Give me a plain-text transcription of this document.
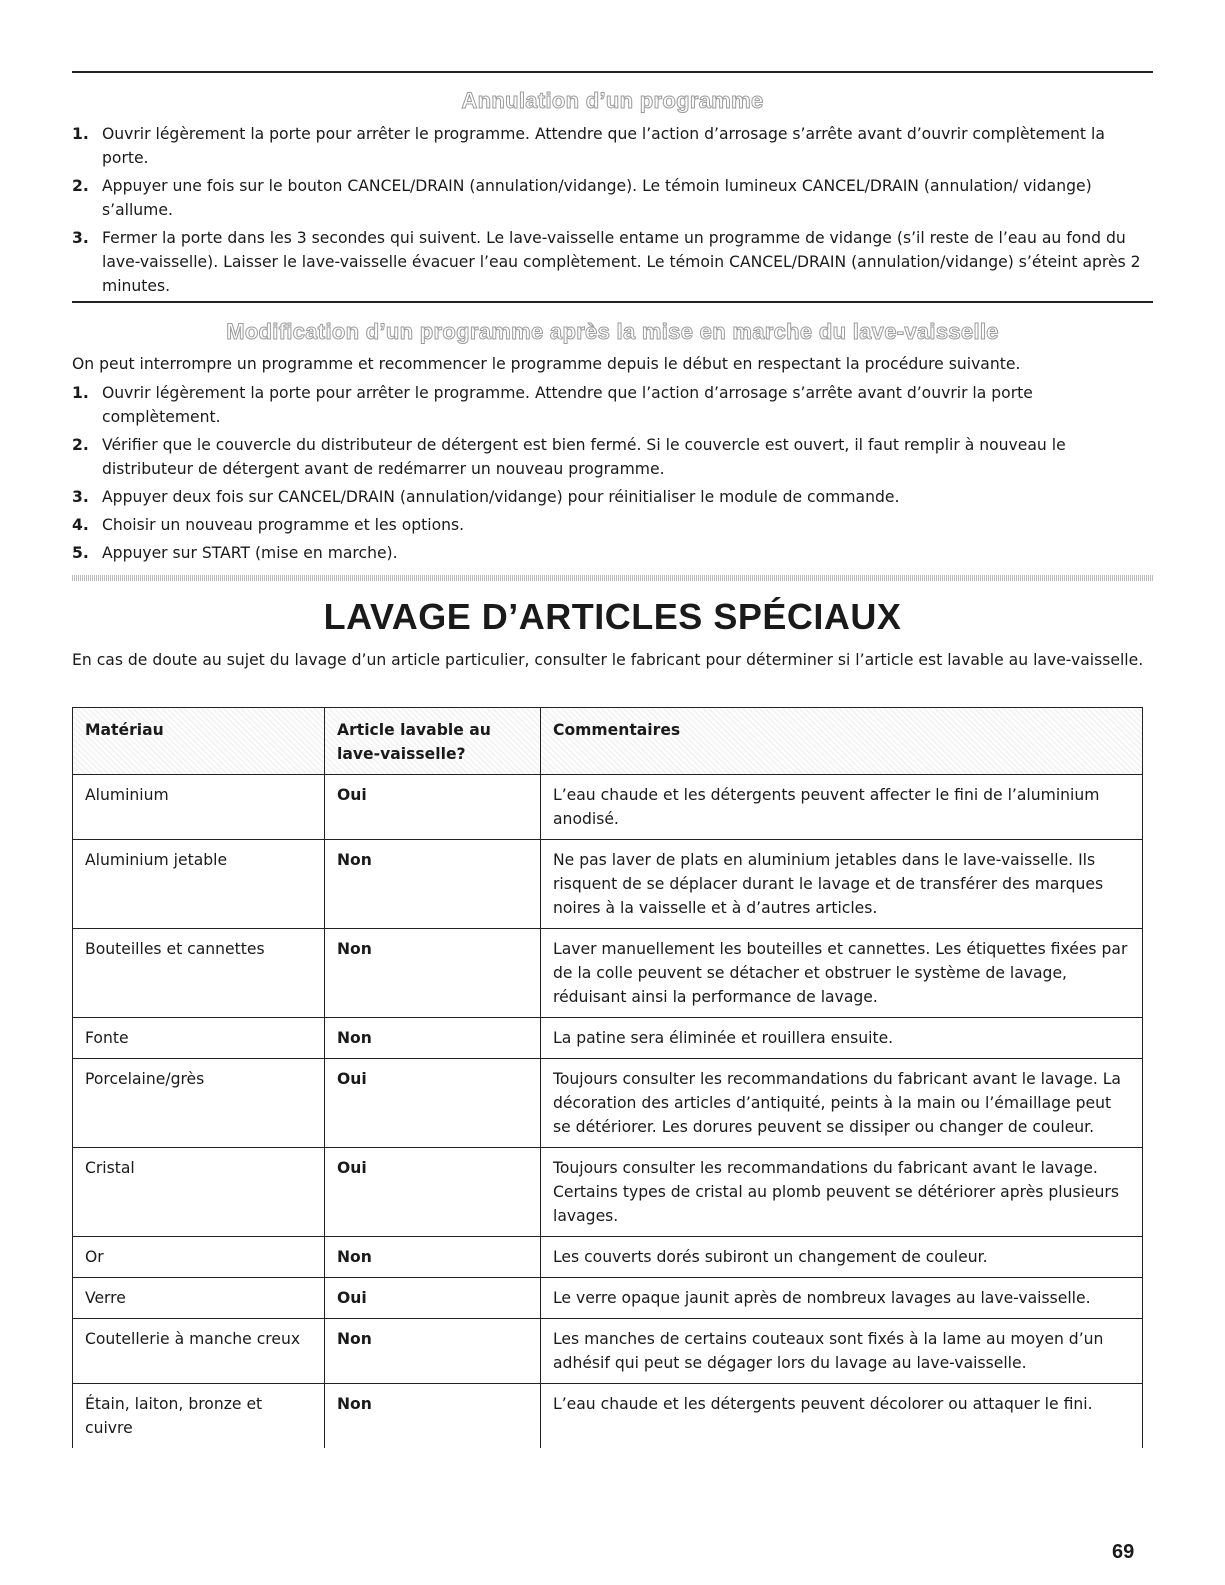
Annulation d’un programme
1. Ouvrir légèrement la porte pour arrêter le programme. Attendre que l’action d’arrosage s’arrête avant d’ouvrir complètement la porte.
2. Appuyer une fois sur le bouton CANCEL/DRAIN (annulation/vidange). Le témoin lumineux CANCEL/DRAIN (annulation/ vidange) s’allume.
3. Fermer la porte dans les 3 secondes qui suivent. Le lave-vaisselle entame un programme de vidange (s’il reste de l’eau au fond du lave-vaisselle). Laisser le lave-vaisselle évacuer l’eau complètement. Le témoin CANCEL/DRAIN (annulation/vidange) s’éteint après 2 minutes.
Modification d’un programme après la mise en marche du lave-vaisselle
On peut interrompre un programme et recommencer le programme depuis le début en respectant la procédure suivante.
1. Ouvrir légèrement la porte pour arrêter le programme. Attendre que l’action d’arrosage s’arrête avant d’ouvrir la porte complètement.
2. Vérifier que le couvercle du distributeur de détergent est bien fermé. Si le couvercle est ouvert, il faut remplir à nouveau le distributeur de détergent avant de redémarrer un nouveau programme.
3. Appuyer deux fois sur CANCEL/DRAIN (annulation/vidange) pour réinitialiser le module de commande.
4. Choisir un nouveau programme et les options.
5. Appuyer sur START (mise en marche).
LAVAGE D’ARTICLES SPÉCIAUX
En cas de doute au sujet du lavage d’un article particulier, consulter le fabricant pour déterminer si l’article est lavable au lave-vaisselle.
Matériau	Article lavable au lave-vaisselle?	Commentaires
Aluminium	Oui	L’eau chaude et les détergents peuvent affecter le fini de l’aluminium anodisé.
Aluminium jetable	Non	Ne pas laver de plats en aluminium jetables dans le lave-vaisselle. Ils risquent de se déplacer durant le lavage et de transférer des marques noires à la vaisselle et à d’autres articles.
Bouteilles et cannettes	Non	Laver manuellement les bouteilles et cannettes. Les étiquettes fixées par de la colle peuvent se détacher et obstruer le système de lavage, réduisant ainsi la performance de lavage.
Fonte	Non	La patine sera éliminée et rouillera ensuite.
Porcelaine/grès	Oui	Toujours consulter les recommandations du fabricant avant le lavage. La décoration des articles d’antiquité, peints à la main ou l’émaillage peut se détériorer. Les dorures peuvent se dissiper ou changer de couleur.
Cristal	Oui	Toujours consulter les recommandations du fabricant avant le lavage. Certains types de cristal au plomb peuvent se détériorer après plusieurs lavages.
Or	Non	Les couverts dorés subiront un changement de couleur.
Verre	Oui	Le verre opaque jaunit après de nombreux lavages au lave-vaisselle.
Coutellerie à manche creux	Non	Les manches de certains couteaux sont fixés à la lame au moyen d’un adhésif qui peut se dégager lors du lavage au lave-vaisselle.
Étain, laiton, bronze et cuivre	Non	L’eau chaude et les détergents peuvent décolorer ou attaquer le fini.
69
